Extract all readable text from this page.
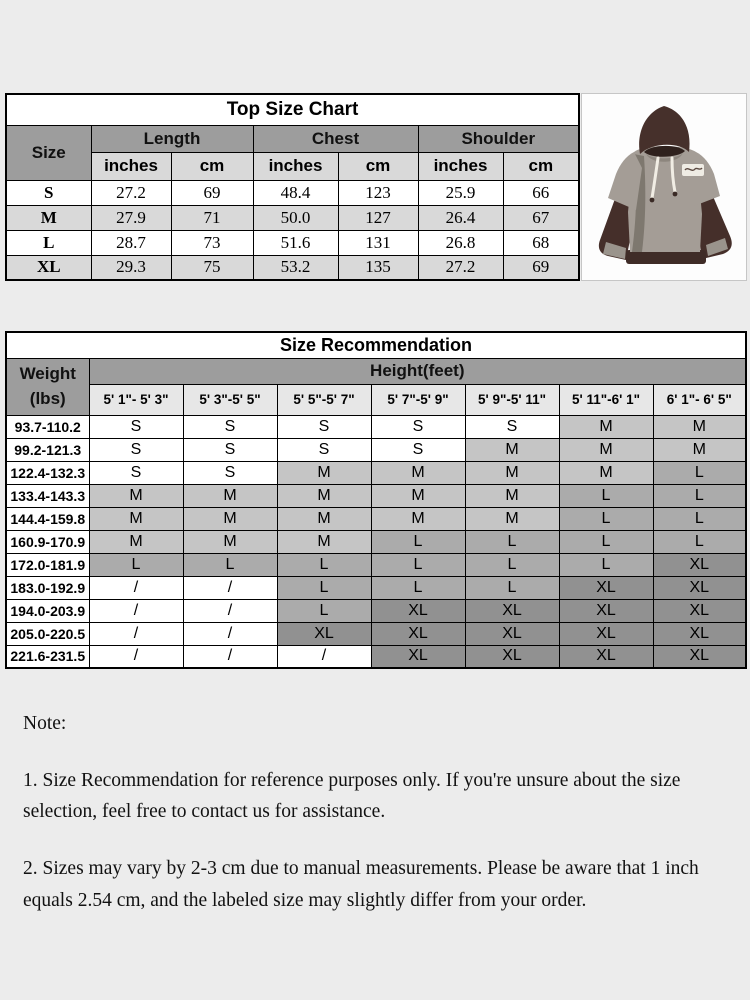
Top Size Chart						
Size	Length		Chest		Shoulder	
	inches	cm	inches	cm	inches	cm
S	27.2	69	48.4	123	25.9	66
M	27.9	71	50.0	127	26.4	67
L	28.7	73	51.6	131	26.8	68
XL	29.3	75	53.2	135	27.2	69
Size Recommendation							

Weight
(lbs)	Height(feet)						
	5' 1"- 5' 3"	5' 3"-5' 5"	5' 5"-5' 7"	5' 7"-5' 9"	5' 9"-5' 11"	5' 11"-6' 1"	6' 1"- 6' 5"
93.7-110.2	S	S	S	S	S	M	M
99.2-121.3	S	S	S	S	M	M	M
122.4-132.3	S	S	M	M	M	M	L
133.4-143.3	M	M	M	M	M	L	L
144.4-159.8	M	M	M	M	M	L	L
160.9-170.9	M	M	M	L	L	L	L
172.0-181.9	L	L	L	L	L	L	XL
183.0-192.9	/	/	L	L	L	XL	XL
194.0-203.9	/	/	L	XL	XL	XL	XL
205.0-220.5	/	/	XL	XL	XL	XL	XL
221.6-231.5	/	/	/	XL	XL	XL	XL
Note:

1. Size Recommendation for reference purposes only. If you're unsure about the size selection, feel free to contact us for assistance.

2. Sizes may vary by 2-3 cm due to manual measurements. Please be aware that 1 inch equals 2.54 cm, and the labeled size may slightly differ from your order.
